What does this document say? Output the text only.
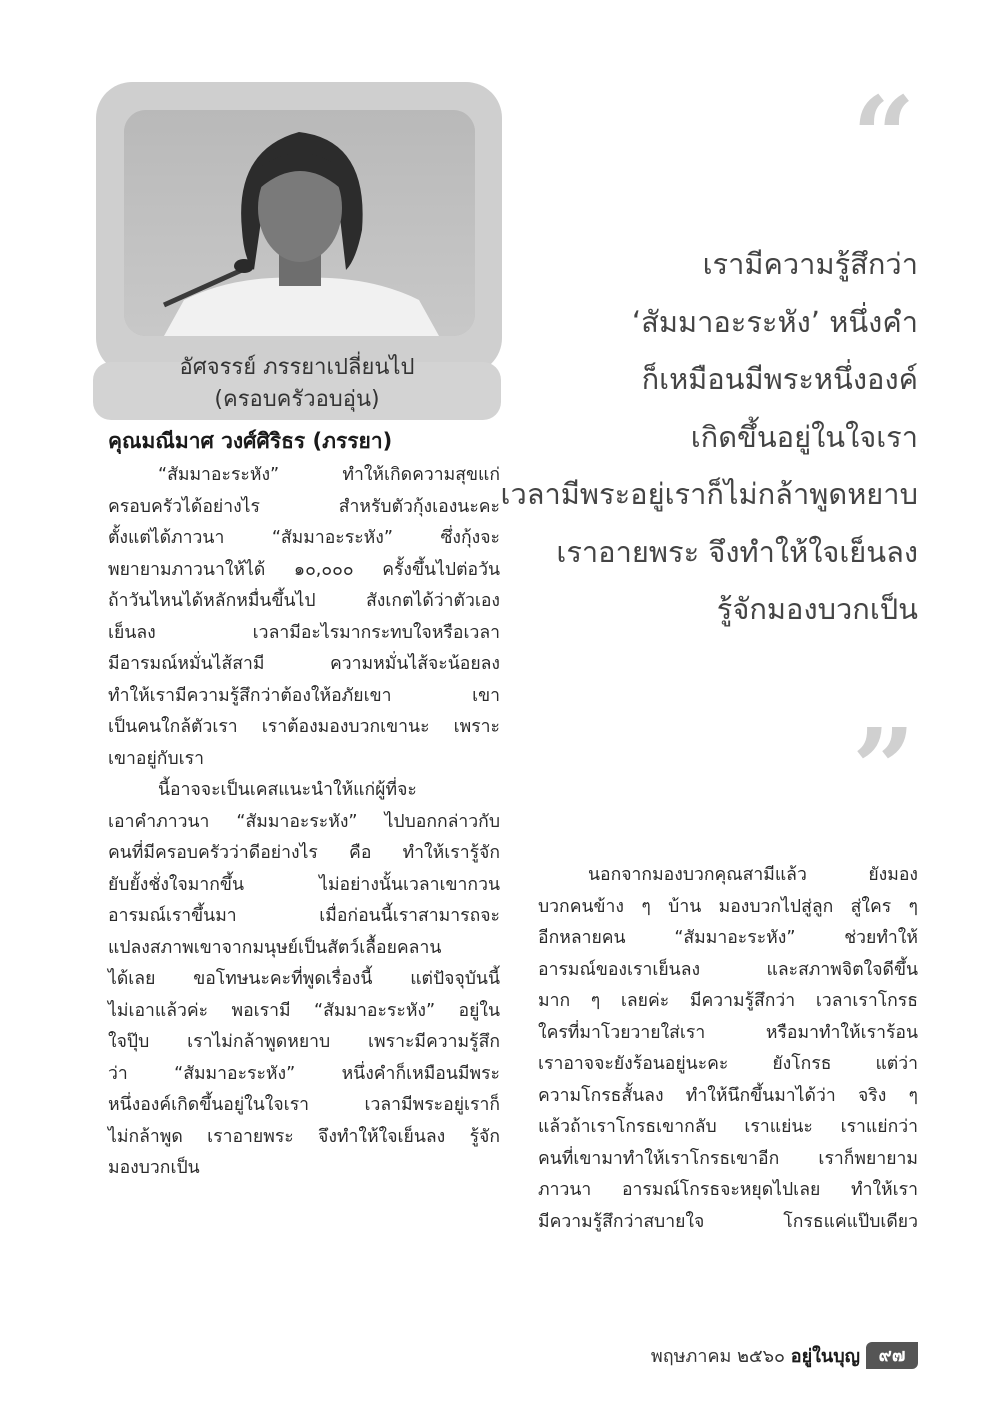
อัศจรรย์ ภรรยาเปลี่ยนไป
(ครอบครัวอบอุ่น)
คุณมณีมาศ วงศ์ศิริธร (ภรรยา)
“สัมมาอะระหัง” ทำให้เกิดความสุขแก่
ครอบครัวได้อย่างไร สำหรับตัวกุ้งเองนะคะ
ตั้งแต่ได้ภาวนา “สัมมาอะระหัง” ซึ่งกุ้งจะ
พยายามภาวนาให้ได้ ๑๐,๐๐๐ ครั้งขึ้นไปต่อวัน
ถ้าวันไหนได้หลักหมื่นขึ้นไป สังเกตได้ว่าตัวเอง
เย็นลง เวลามีอะไรมากระทบใจหรือเวลา
มีอารมณ์หมั่นไส้สามี ความหมั่นไส้จะน้อยลง
ทำให้เรามีความรู้สึกว่าต้องให้อภัยเขา เขา
เป็นคนใกล้ตัวเรา เราต้องมองบวกเขานะ เพราะ
เขาอยู่กับเรา
นี้อาจจะเป็นเคสแนะนำให้แก่ผู้ที่จะ
เอาคำภาวนา “สัมมาอะระหัง” ไปบอกกล่าวกับ
คนที่มีครอบครัวว่าดีอย่างไร คือ ทำให้เรารู้จัก
ยับยั้งชั่งใจมากขึ้น ไม่อย่างนั้นเวลาเขากวน
อารมณ์เราขึ้นมา เมื่อก่อนนี้เราสามารถจะ
แปลงสภาพเขาจากมนุษย์เป็นสัตว์เลื้อยคลาน
ได้เลย ขอโทษนะคะที่พูดเรื่องนี้ แต่ปัจจุบันนี้
ไม่เอาแล้วค่ะ พอเรามี “สัมมาอะระหัง” อยู่ใน
ใจปุ๊บ เราไม่กล้าพูดหยาบ เพราะมีความรู้สึก
ว่า “สัมมาอะระหัง” หนึ่งคำก็เหมือนมีพระ
หนึ่งองค์เกิดขึ้นอยู่ในใจเรา เวลามีพระอยู่เราก็
ไม่กล้าพูด เราอายพระ จึงทำให้ใจเย็นลง รู้จัก
มองบวกเป็น
“
เรามีความรู้สึกว่า
‘สัมมาอะระหัง’ หนึ่งคำ
ก็เหมือนมีพระหนึ่งองค์
เกิดขึ้นอยู่ในใจเรา
เวลามีพระอยู่เราก็ไม่กล้าพูดหยาบ
เราอายพระ จึงทำให้ใจเย็นลง
รู้จักมองบวกเป็น
”
นอกจากมองบวกคุณสามีแล้ว ยังมอง
บวกคนข้าง ๆ บ้าน มองบวกไปสู่ลูก สู่ใคร ๆ
อีกหลายคน “สัมมาอะระหัง” ช่วยทำให้
อารมณ์ของเราเย็นลง และสภาพจิตใจดีขึ้น
มาก ๆ เลยค่ะ มีความรู้สึกว่า เวลาเราโกรธ
ใครที่มาโวยวายใส่เรา หรือมาทำให้เราร้อน
เราอาจจะยังร้อนอยู่นะคะ ยังโกรธ แต่ว่า
ความโกรธสั้นลง ทำให้นึกขึ้นมาได้ว่า จริง ๆ
แล้วถ้าเราโกรธเขากลับ เราแย่นะ เราแย่กว่า
คนที่เขามาทำให้เราโกรธเขาอีก เราก็พยายาม
ภาวนา อารมณ์โกรธจะหยุดไปเลย ทำให้เรา
มีความรู้สึกว่าสบายใจ โกรธแค่แป๊บเดียว
พฤษภาคม ๒๕๖๐ อยู่ในบุญ	๙๗
